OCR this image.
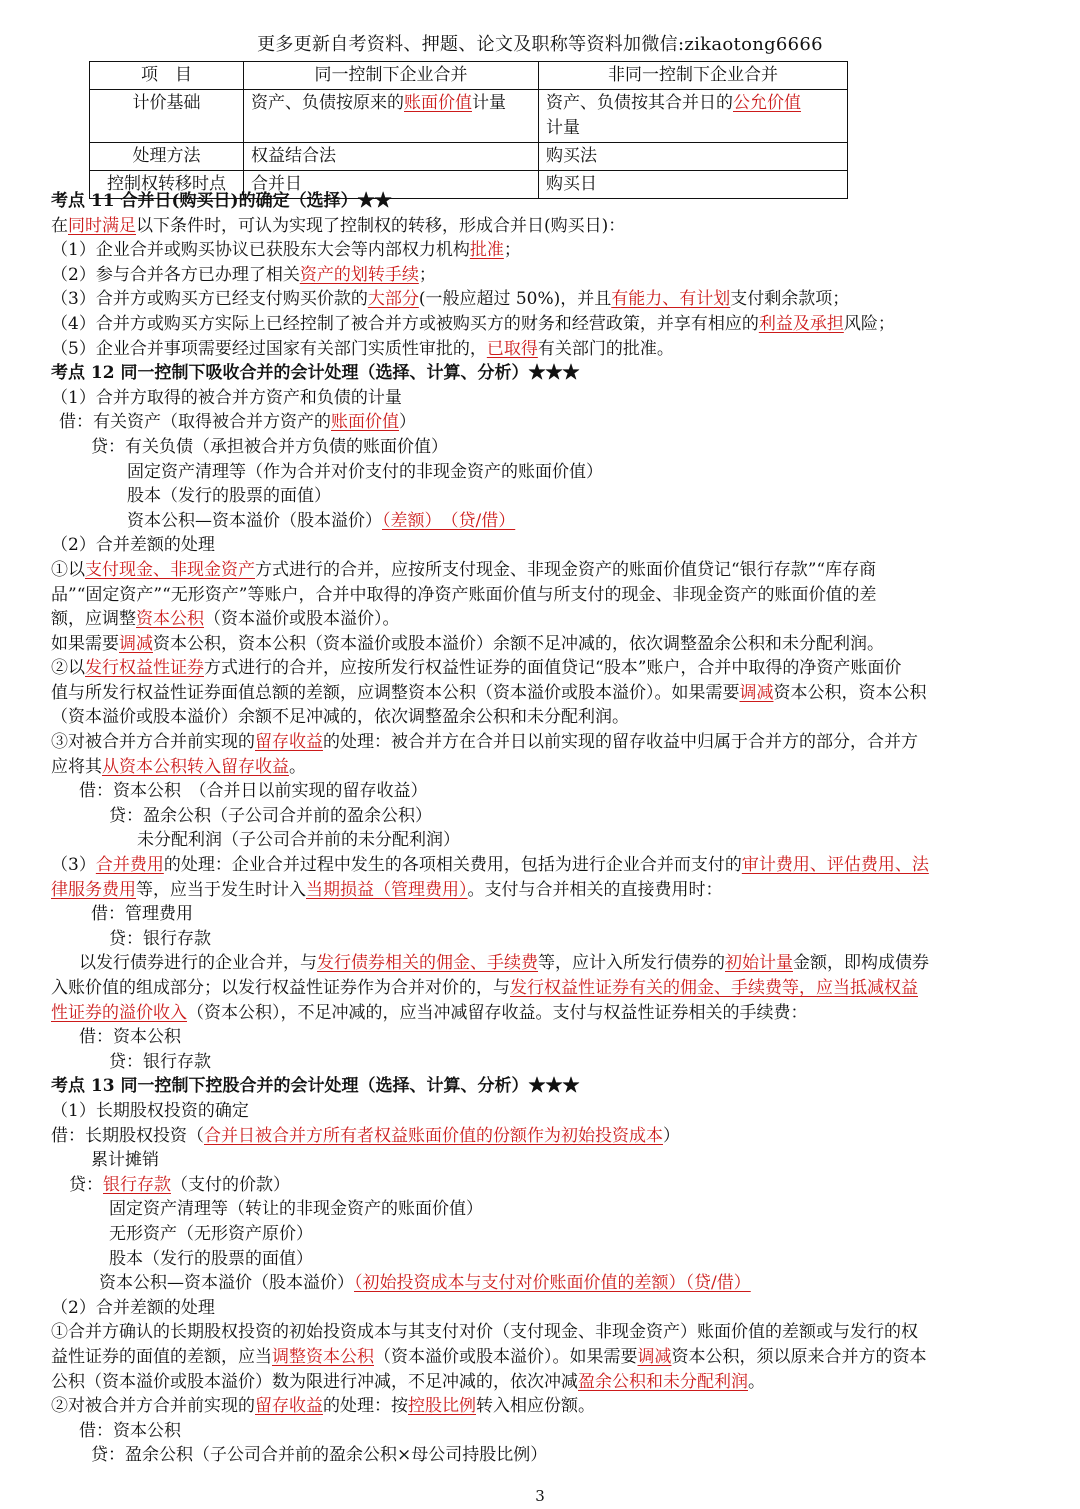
更多更新自考资料、押题、论文及职称等资料加微信:zikaotong6666
项　目	同一控制下企业合并	非同一控制下企业合并
计价基础	资产、负债按原来的账面价值计量	资产、负债按其合并日的公允价值
计量
处理方法	权益结合法	购买法
控制权转移时点	合并日	购买日
考点 11 合并日(购买日)的确定（选择）★★
在同时满足以下条件时，可认为实现了控制权的转移，形成合并日(购买日)：
（1）企业合并或购买协议已获股东大会等内部权力机构批准；
（2）参与合并各方已办理了相关资产的划转手续；
（3）合并方或购买方已经支付购买价款的大部分(一般应超过 50%)，并且有能力、有计划支付剩余款项；
（4）合并方或购买方实际上已经控制了被合并方或被购买方的财务和经营政策，并享有相应的利益及承担风险；
（5）企业合并事项需要经过国家有关部门实质性审批的，已取得有关部门的批准。
考点 12 同一控制下吸收合并的会计处理（选择、计算、分析）★★★
（1）合并方取得的被合并方资产和负债的计量
借：有关资产（取得被合并方资产的账面价值）
贷：有关负债（承担被合并方负债的账面价值）
固定资产清理等（作为合并对价支付的非现金资产的账面价值）
股本（发行的股票的面值）
资本公积—资本溢价（股本溢价）（差额）　（贷/借）
（2）合并差额的处理
①以支付现金、非现金资产方式进行的合并，应按所支付现金、非现金资产的账面价值贷记“银行存款”“库存商
品”“固定资产”“无形资产”等账户，合并中取得的净资产账面价值与所支付的现金、非现金资产的账面价值的差
额，应调整资本公积（资本溢价或股本溢价）。
如果需要调减资本公积，资本公积（资本溢价或股本溢价）余额不足冲减的，依次调整盈余公积和未分配利润。
②以发行权益性证券方式进行的合并，应按所发行权益性证券的面值贷记“股本”账户，合并中取得的净资产账面价
值与所发行权益性证券面值总额的差额，应调整资本公积（资本溢价或股本溢价）。如果需要调减资本公积，资本公积
（资本溢价或股本溢价）余额不足冲减的，依次调整盈余公积和未分配利润。
③对被合并方合并前实现的留存收益的处理：被合并方在合并日以前实现的留存收益中归属于合并方的部分，合并方
应将其从资本公积转入留存收益。
借：资本公积　（合并日以前实现的留存收益）
贷：盈余公积（子公司合并前的盈余公积）
未分配利润（子公司合并前的未分配利润）
（3）合并费用的处理：企业合并过程中发生的各项相关费用，包括为进行企业合并而支付的审计费用、评估费用、法
律服务费用等，应当于发生时计入当期损益（管理费用）。支付与合并相关的直接费用时：
借：管理费用
贷：银行存款
以发行债券进行的企业合并，与发行债券相关的佣金、手续费等，应计入所发行债券的初始计量金额，即构成债券
入账价值的组成部分；以发行权益性证券作为合并对价的，与发行权益性证券有关的佣金、手续费等，应当抵减权益
性证券的溢价收入（资本公积），不足冲减的，应当冲减留存收益。支付与权益性证券相关的手续费：
借：资本公积
贷：银行存款
考点 13 同一控制下控股合并的会计处理（选择、计算、分析）★★★
（1）长期股权投资的确定
借：长期股权投资（合并日被合并方所有者权益账面价值的份额作为初始投资成本）
累计摊销
贷：银行存款（支付的价款）
固定资产清理等（转让的非现金资产的账面价值）
无形资产（无形资产原价）
股本（发行的股票的面值）
资本公积—资本溢价（股本溢价）（初始投资成本与支付对价账面价值的差额）（贷/借）
（2）合并差额的处理
①合并方确认的长期股权投资的初始投资成本与其支付对价（支付现金、非现金资产）账面价值的差额或与发行的权
益性证券的面值的差额，应当调整资本公积（资本溢价或股本溢价）。如果需要调减资本公积，须以原来合并方的资本
公积（资本溢价或股本溢价）数为限进行冲减，不足冲减的，依次冲减盈余公积和未分配利润。
②对被合并方合并前实现的留存收益的处理：按控股比例转入相应份额。
借：资本公积
贷：盈余公积（子公司合并前的盈余公积×母公司持股比例）
3
